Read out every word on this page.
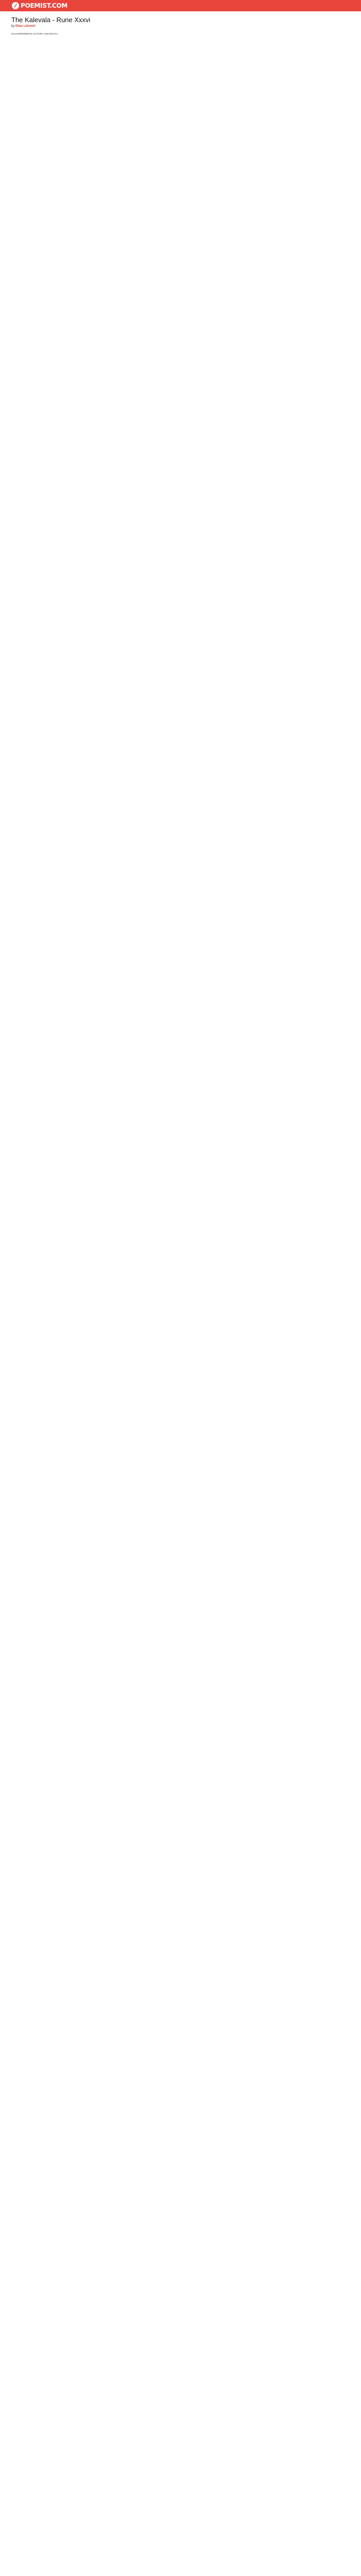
POEMIST.COM
The Kalevala - Rune Xxxvi
by Elias Lönnrot
KULLERWOINEN'S VICTORY AND DEATH.
